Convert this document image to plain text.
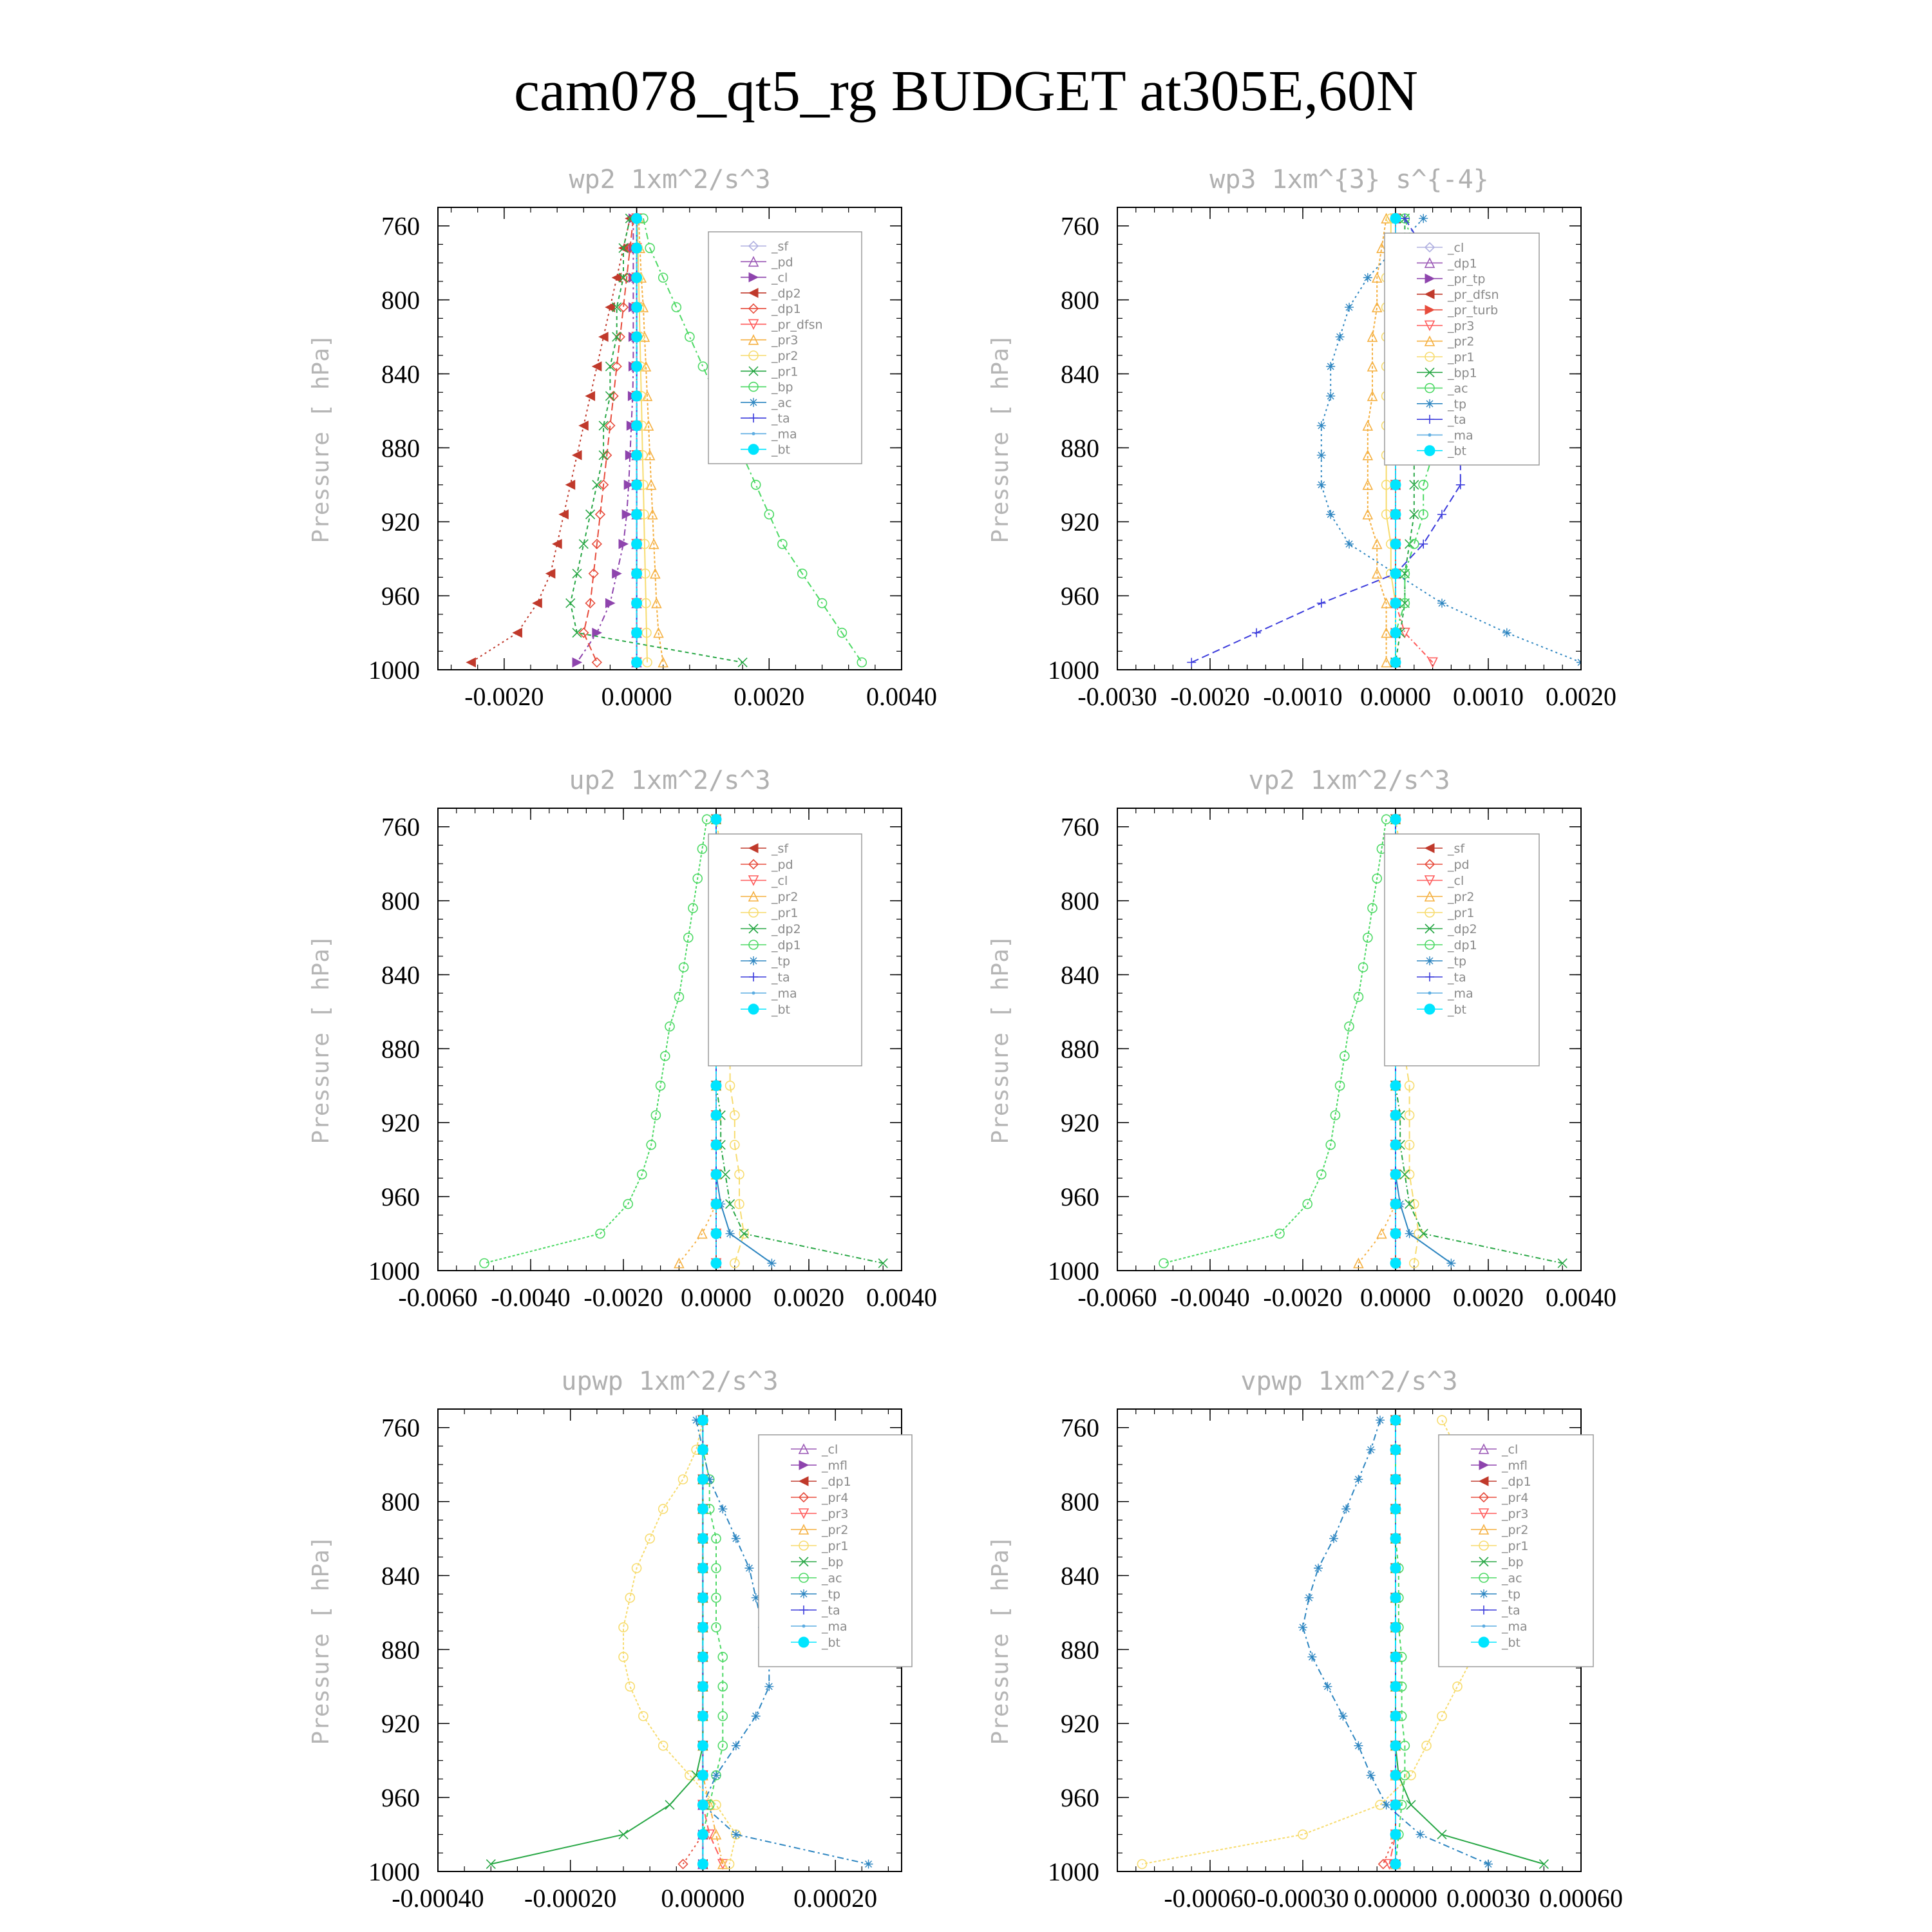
cam078_qt5_rg BUDGET at305E,60N
wp2 1xm^2/s^3
Pressure [ hPa]
760
800
840
880
920
960
1000
-0.0020 0.0000 0.0020 0.0040
_sf
_pd
_cl
_dp2
_dp1
_pr_dfsn
_pr3
_pr2
_pr1
_bp
_ac
_ta
_ma
_bt
wp3 1xm^{3} s^{-4}
Pressure [ hPa]
760
800
840
880
920
960
1000
-0.0030 -0.0020 -0.0010 0.0000 0.0010 0.0020
_cl
_dp1
_pr_tp
_pr_dfsn
_pr_turb
_pr3
_pr2
_pr1
_bp1
_ac
_tp
_ta
_ma
_bt
up2 1xm^2/s^3
Pressure [ hPa]
760
800
840
880
920
960
1000
-0.0060 -0.0040 -0.0020 0.0000 0.0020 0.0040
_sf
_pd
_cl
_pr2
_pr1
_dp2
_dp1
_tp
_ta
_ma
_bt
vp2 1xm^2/s^3
Pressure [ hPa]
760
800
840
880
920
960
1000
-0.0060 -0.0040 -0.0020 0.0000 0.0020 0.0040
_sf
_pd
_cl
_pr2
_pr1
_dp2
_dp1
_tp
_ta
_ma
_bt
upwp 1xm^2/s^3
Pressure [ hPa]
760
800
840
880
920
960
1000
-0.00040 -0.00020 0.00000 0.00020
_cl
_mfl
_dp1
_pr4
_pr3
_pr2
_pr1
_bp
_ac
_tp
_ta
_ma
_bt
vpwp 1xm^2/s^3
Pressure [ hPa]
760
800
840
880
920
960
1000
-0.00060 -0.00030 0.00000 0.00030 0.00060
_cl
_mfl
_dp1
_pr4
_pr3
_pr2
_pr1
_bp
_ac
_tp
_ta
_ma
_bt
